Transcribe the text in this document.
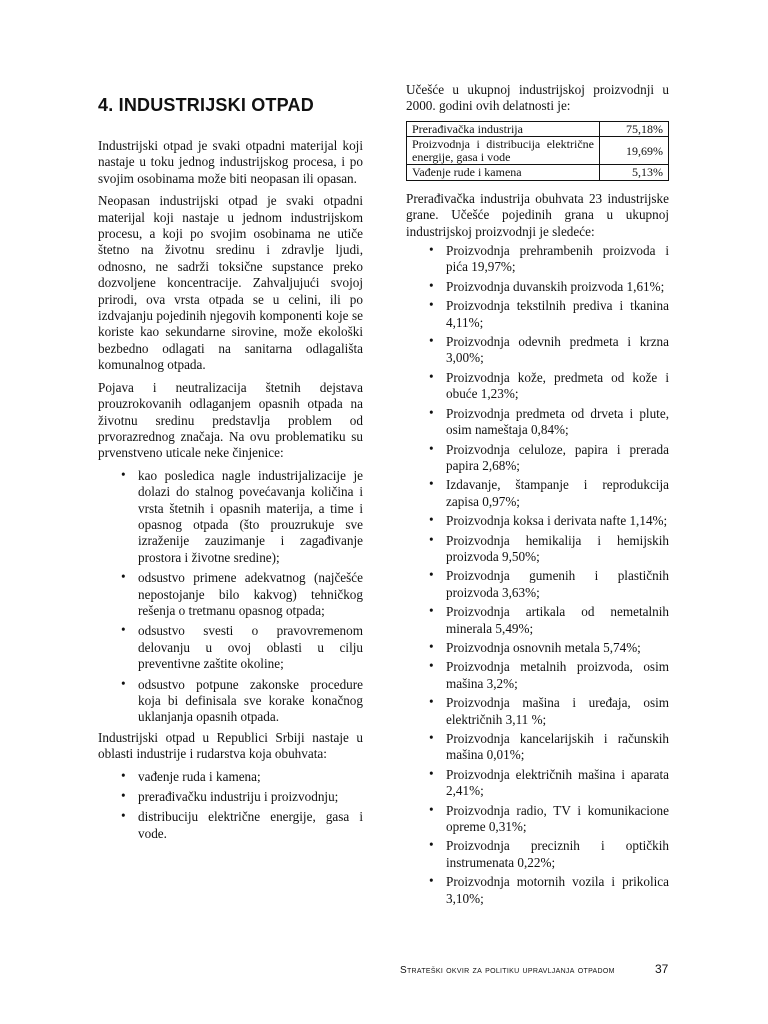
4. INDUSTRIJSKI OTPAD

Industrijski otpad je svaki otpadni materijal koji nastaje u toku jednog industrijskog procesa, i po svojim osobinama može biti neopasan ili opasan.

Neopasan industrijski otpad je svaki otpadni materijal koji nastaje u jednom industrijskom procesu, a koji po svojim osobinama ne utiče štetno na životnu sredinu i zdravlje ljudi, odnosno, ne sadrži toksične supstance preko dozvoljene koncentracije. Zahvaljujući svojoj prirodi, ova vrsta otpada se u celini, ili po izdvajanju pojedinih njegovih komponenti koje se koriste kao sekundarne sirovine, može ekološki bezbedno odlagati na sanitarna odlagališta komunalnog otpada.

Pojava i neutralizacija štetnih dejstava prouzrokovanih odlaganjem opasnih otpada na životnu sredinu predstavlja problem od prvorazrednog značaja. Na ovu problematiku su prvenstveno uticale neke činjenice:

• kao posledica nagle industrijalizacije je dolazi do stalnog povećavanja količina i vrsta štetnih i opasnih materija, a time i opasnog otpada (što prouzrukuje sve izraženije zauzimanje i zagađivanje prostora i životne sredine);
• odsustvo primene adekvatnog (najčešće nepostojanje bilo kakvog) tehničkog rešenja o tretmanu opasnog otpada;
• odsustvo svesti o pravovremenom delovanju u ovoj oblasti u cilju preventivne zaštite okoline;
• odsustvo potpune zakonske procedure koja bi definisala sve korake konačnog uklanjanja opasnih otpada.

Industrijski otpad u Republici Srbiji nastaje u oblasti industrije i rudarstva koja obuhvata:

• vađenje ruda i kamena;
• prerađivačku industriju i proizvodnju;
• distribuciju električne energije, gasa i vode.

Učešće u ukupnoj industrijskoj proizvodnji u 2000. godini ovih delatnosti je:

Prerađivačka industrija	75,18%
Proizvodnja i distribucija električne energije, gasa i vode	19,69%
Vađenje rude i kamena	5,13%

Prerađivačka industrija obuhvata 23 industrijske grane. Učešće pojedinih grana u ukupnoj industrijskoj proizvodnji je sledeće:

• Proizvodnja prehrambenih proizvoda i pića 19,97%;
• Proizvodnja duvanskih proizvoda 1,61%;
• Proizvodnja tekstilnih prediva i tkanina 4,11%;
• Proizvodnja odevnih predmeta i krzna 3,00%;
• Proizvodnja kože, predmeta od kože i obuće 1,23%;
• Proizvodnja predmeta od drveta i plute, osim nameštaja 0,84%;
• Proizvodnja celuloze, papira i prerada papira 2,68%;
• Izdavanje, štampanje i reprodukcija zapisa 0,97%;
• Proizvodnja koksa i derivata nafte 1,14%;
• Proizvodnja hemikalija i hemijskih proizvoda 9,50%;
• Proizvodnja gumenih i plastičnih proizvoda 3,63%;
• Proizvodnja artikala od nemetalnih minerala 5,49%;
• Proizvodnja osnovnih metala 5,74%;
• Proizvodnja metalnih proizvoda, osim mašina 3,2%;
• Proizvodnja mašina i uređaja, osim električnih 3,11 %;
• Proizvodnja kancelarijskih i računskih mašina 0,01%;
• Proizvodnja električnih mašina i aparata 2,41%;
• Proizvodnja radio, TV i komunikacione opreme 0,31%;
• Proizvodnja preciznih i optičkih instrumenata 0,22%;
• Proizvodnja motornih vozila i prikolica 3,10%;
Strateški okvir za politiku upravljanja otpadom	37
